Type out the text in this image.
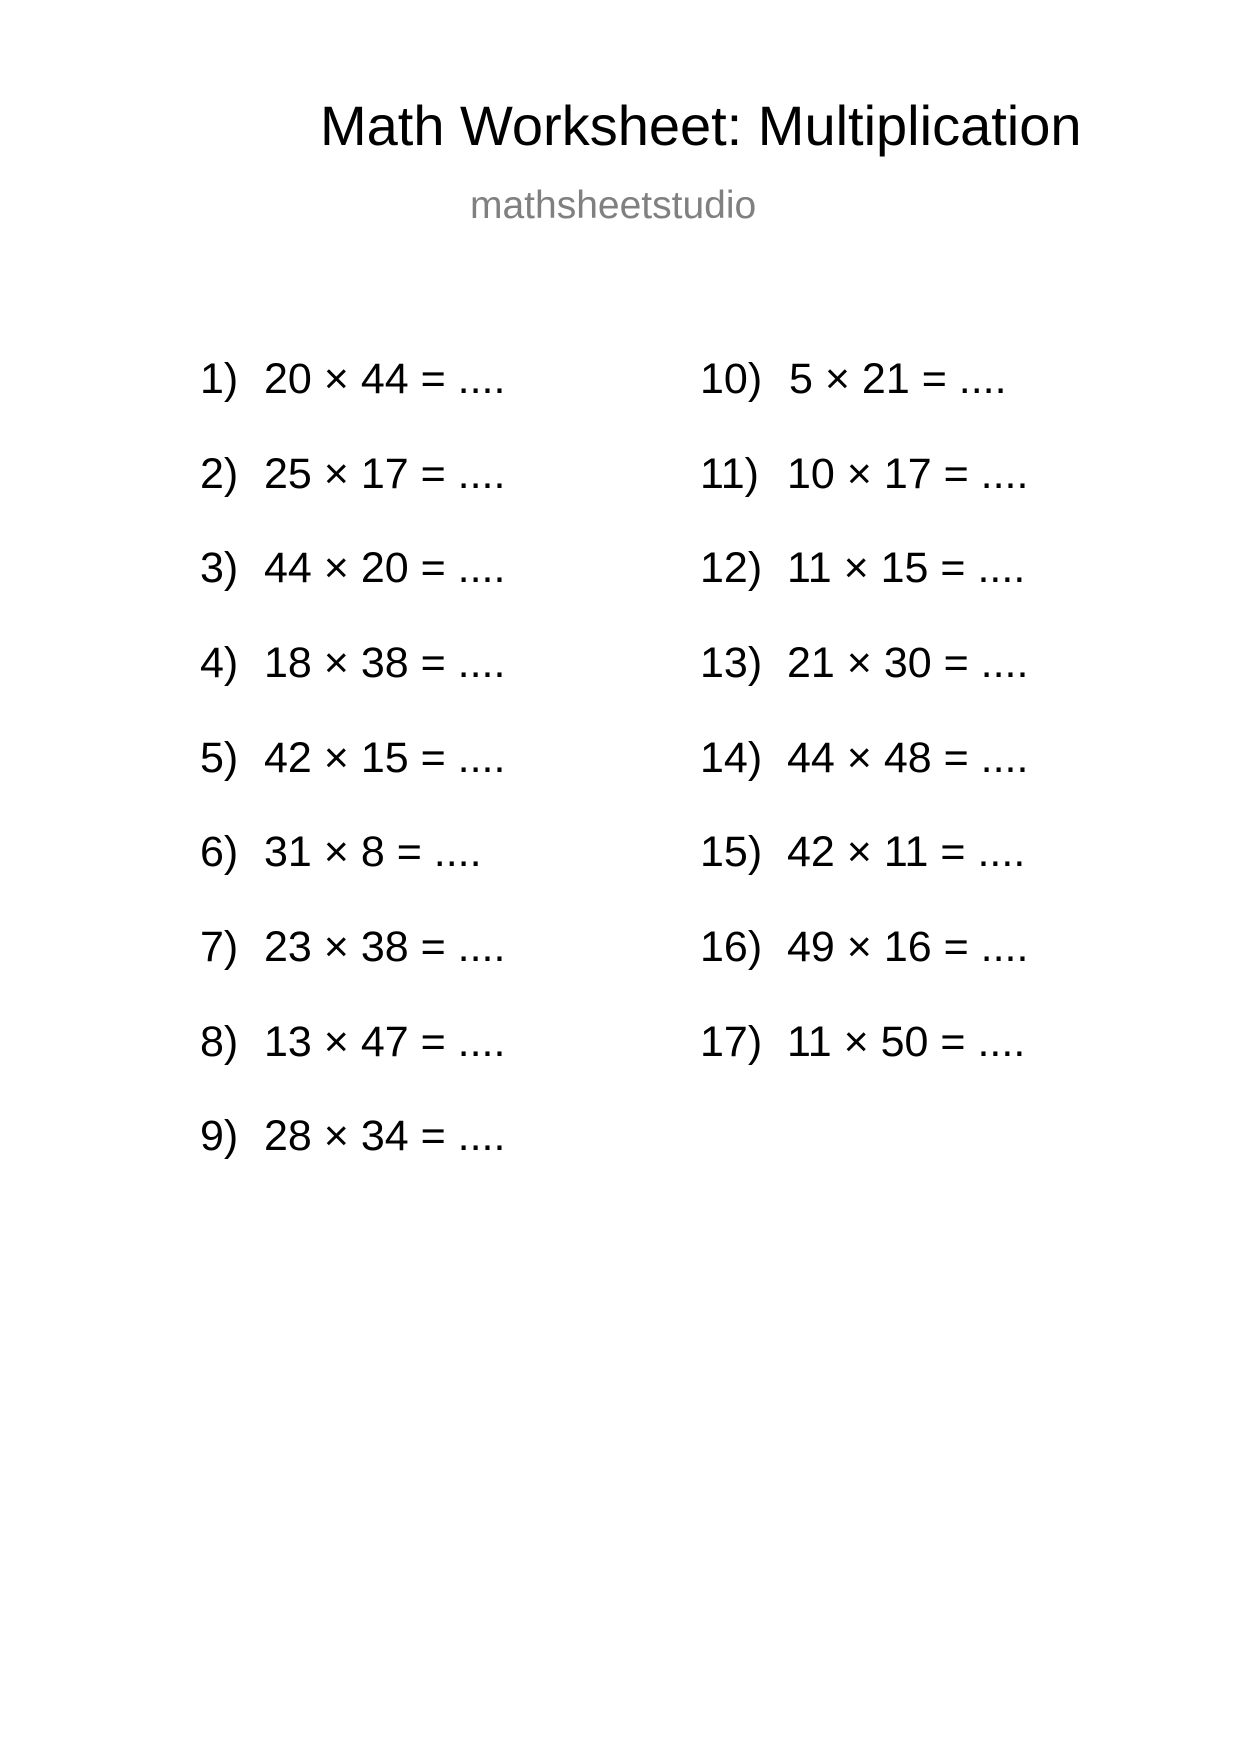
Math Worksheet: Multiplication
mathsheetstudio
1) 20 × 44 = ....
2) 25 × 17 = ....
3) 44 × 20 = ....
4) 18 × 38 = ....
5) 42 × 15 = ....
6) 31 × 8 = ....
7) 23 × 38 = ....
8) 13 × 47 = ....
9) 28 × 34 = ....
10) 5 × 21 = ....
11) 10 × 17 = ....
12) 11 × 15 = ....
13) 21 × 30 = ....
14) 44 × 48 = ....
15) 42 × 11 = ....
16) 49 × 16 = ....
17) 11 × 50 = ....
